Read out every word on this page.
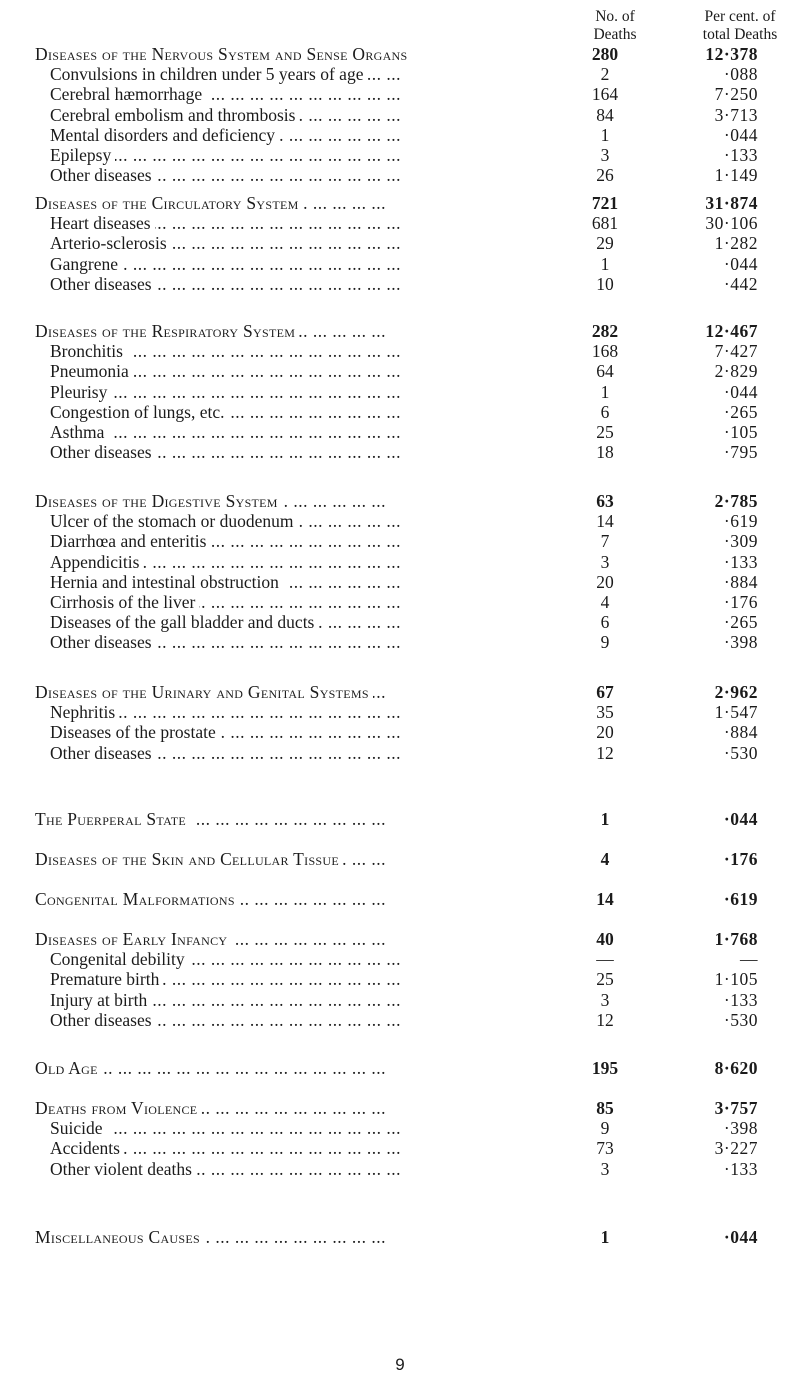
No. of
Deaths
Per cent. of
total Deaths
Diseases of the Nervous System and Sense Organs	280	12·378
Convulsions in children under 5 years of age ... .	2	·088
Cerebral hæmorrhage ... .	164	7·250
Cerebral embolism and thrombosis ... .	84	3·713
Mental disorders and deficiency ... .	1	·044
Epilepsy ... .	3	·133
Other diseases ... .	26	1·149
Diseases of the Circulatory System ... .	721	31·874
Heart diseases ... .	681	30·106
Arterio-sclerosis ... .	29	1·282
Gangrene ... .	1	·044
Other diseases ... .	10	·442
Diseases of the Respiratory System ... .	282	12·467
Bronchitis ... .	168	7·427
Pneumonia ... .	64	2·829
Pleurisy ... .	1	·044
Congestion of lungs, etc. ... .	6	·265
Asthma ... .	25	·105
Other diseases ... .	18	·795
Diseases of the Digestive System ... .	63	2·785
Ulcer of the stomach or duodenum ... .	14	·619
Diarrhœa and enteritis ... .	7	·309
Appendicitis ... .	3	·133
Hernia and intestinal obstruction ... .	20	·884
Cirrhosis of the liver ... .	4	·176
Diseases of the gall bladder and ducts ... .	6	·265
Other diseases ... .	9	·398
Diseases of the Urinary and Genital Systems ... .	67	2·962
Nephritis ... .	35	1·547
Diseases of the prostate ... .	20	·884
Other diseases ... .	12	·530
The Puerperal State ... .	1	·044
Diseases of the Skin and Cellular Tissue ... .	4	·176
Congenital Malformations ... .	14	·619
Diseases of Early Infancy ... .	40	1·768
Congenital debility ... .	—	—
Premature birth ... .	25	1·105
Injury at birth ... .	3	·133
Other diseases ... .	12	·530
Old Age ... .	195	8·620
Deaths from Violence ... .	85	3·757
Suicide ... .	9	·398
Accidents ... .	73	3·227
Other violent deaths ... .	3	·133
Miscellaneous Causes ... .	1	·044
9
